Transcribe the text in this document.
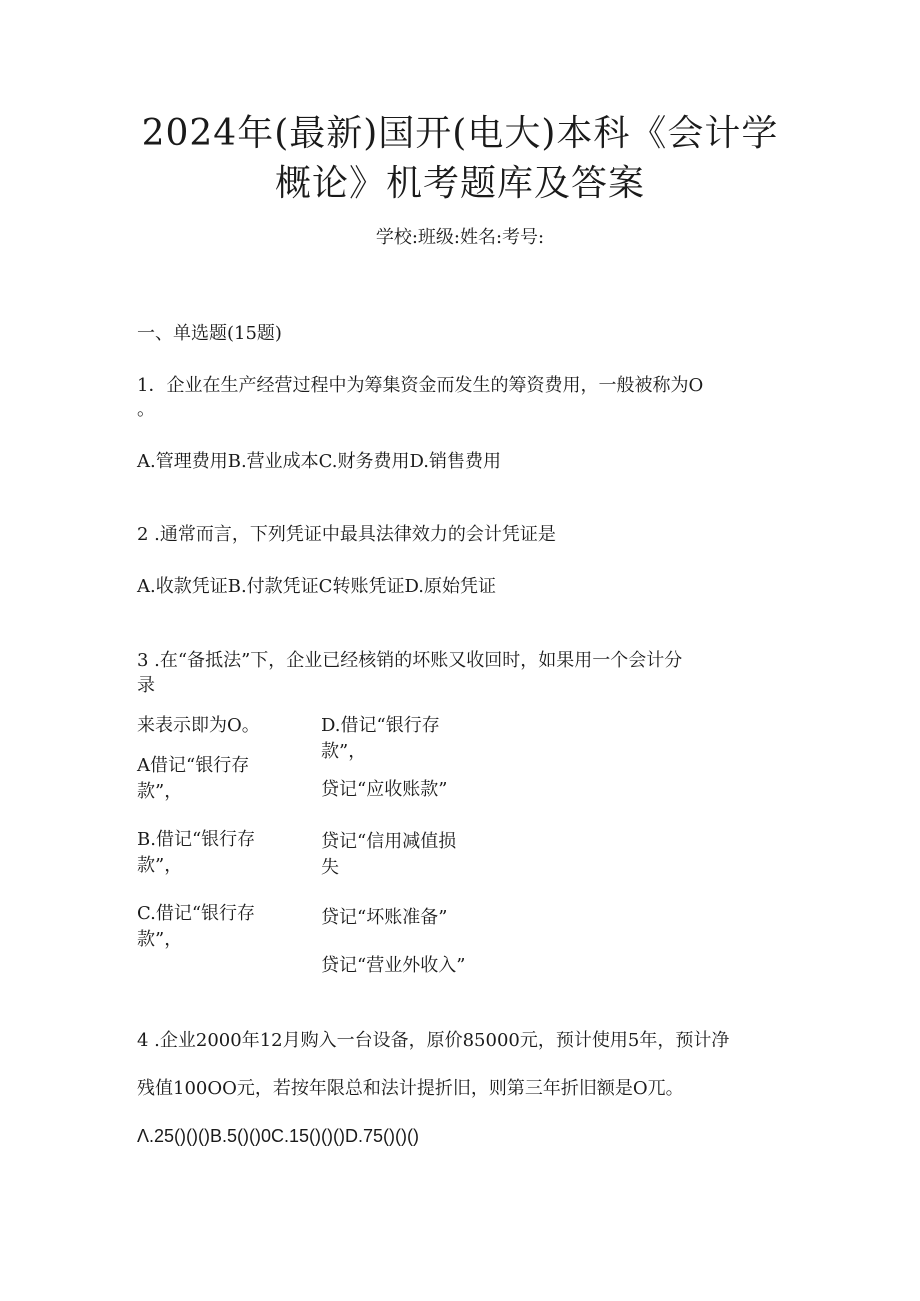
2024年(最新)国开(电大)本科《会计学
概论》机考题库及答案
学校:班级:姓名:考号:
一、单选题(15题)
1．企业在生产经营过程中为筹集资金而发生的筹资费用，一般被称为O
。
A.管理费用B.营业成本C.财务费用D.销售费用
2 .通常而言，下列凭证中最具法律效力的会计凭证是
A.收款凭证B.付款凭证C转账凭证D.原始凭证
3 .在“备抵法”下，企业已经核销的坏账又收回时，如果用一个会计分
录
来表示即为O。
A借记“银行存款”，
B.借记“银行存款”，
C.借记“银行存款”，
D.借记“银行存款”，
贷记“应收账款”
贷记“信用减值损失
贷记“坏账准备”
贷记“营业外收入”
4 .企业2000年12月购入一台设备，原价85000元，预计使用5年，预计净
残值100OO元，若按年限总和法计提折旧，则第三年折旧额是O兀。
Λ.25()()()B.5()()0C.15()()()D.75()()()
